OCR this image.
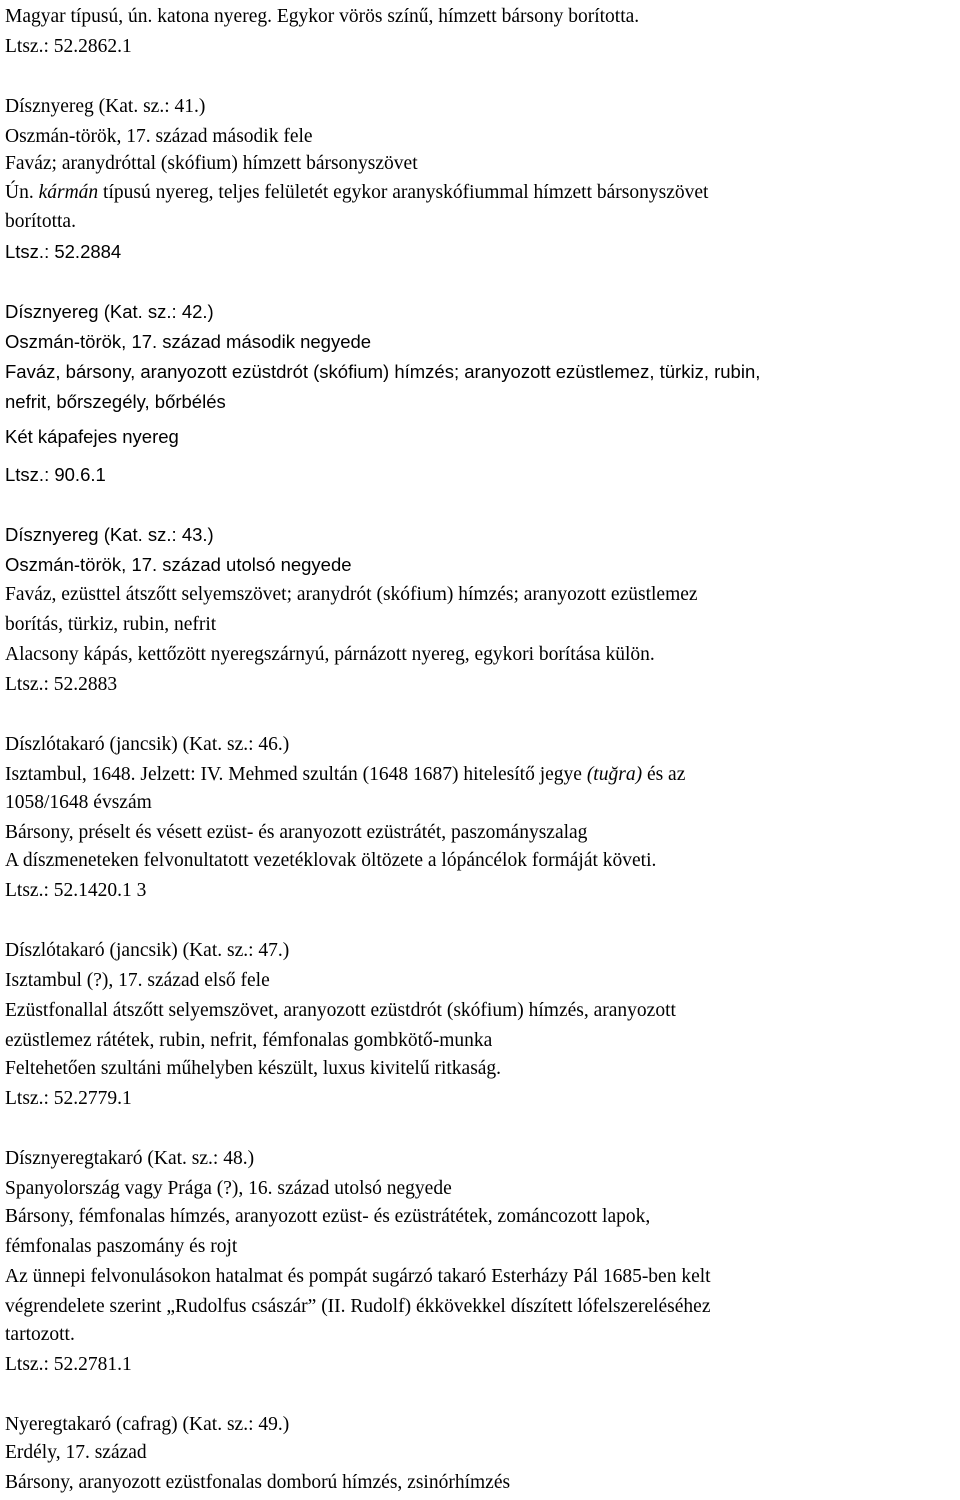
Magyar típusú, ún. katona nyereg. Egykor vörös színű, hímzett bársony borította.
Ltsz.: 52.2862.1
Dísznyereg (Kat. sz.: 41.)
Oszmán-török, 17. század második fele
Faváz; aranydróttal (skófium) hímzett bársonyszövet
Ún. kármán típusú nyereg, teljes felületét egykor aranyskófiummal hímzett bársonyszövet
borította.
Ltsz.: 52.2884
Dísznyereg (Kat. sz.: 42.)
Oszmán-török, 17. század második negyede
Faváz, bársony, aranyozott ezüstdrót (skófium) hímzés; aranyozott ezüstlemez, türkiz, rubin,
nefrit, bőrszegély, bőrbélés
Két kápafejes nyereg
Ltsz.: 90.6.1
Dísznyereg (Kat. sz.: 43.)
Oszmán-török, 17. század utolsó negyede
Faváz, ezüsttel átszőtt selyemszövet; aranydrót (skófium) hímzés; aranyozott ezüstlemez
borítás, türkiz, rubin, nefrit
Alacsony kápás, kettőzött nyeregszárnyú, párnázott nyereg, egykori borítása külön.
Ltsz.: 52.2883
Díszlótakaró (jancsik) (Kat. sz.: 46.)
Isztambul, 1648. Jelzett: IV. Mehmed szultán (1648 1687) hitelesítő jegye (tuğra) és az
1058/1648 évszám
Bársony, préselt és vésett ezüst- és aranyozott ezüstrátét, paszományszalag
A díszmeneteken felvonultatott vezetéklovak öltözete a lópáncélok formáját követi.
Ltsz.: 52.1420.1 3
Díszlótakaró (jancsik) (Kat. sz.: 47.)
Isztambul (?), 17. század első fele
Ezüstfonallal átszőtt selyemszövet, aranyozott ezüstdrót (skófium) hímzés, aranyozott
ezüstlemez rátétek, rubin, nefrit, fémfonalas gombkötő-munka
Feltehetően szultáni műhelyben készült, luxus kivitelű ritkaság.
Ltsz.: 52.2779.1
Dísznyeregtakaró (Kat. sz.: 48.)
Spanyolország vagy Prága (?), 16. század utolsó negyede
Bársony, fémfonalas hímzés, aranyozott ezüst- és ezüstrátétek, zománcozott lapok,
fémfonalas paszomány és rojt
Az ünnepi felvonulásokon hatalmat és pompát sugárzó takaró Esterházy Pál 1685-ben kelt
végrendelete szerint „Rudolfus császár” (II. Rudolf) ékkövekkel díszített lófelszereléséhez
tartozott.
Ltsz.: 52.2781.1
Nyeregtakaró (cafrag) (Kat. sz.: 49.)
Erdély, 17. század
Bársony, aranyozott ezüstfonalas domború hímzés, zsinórhímzés
